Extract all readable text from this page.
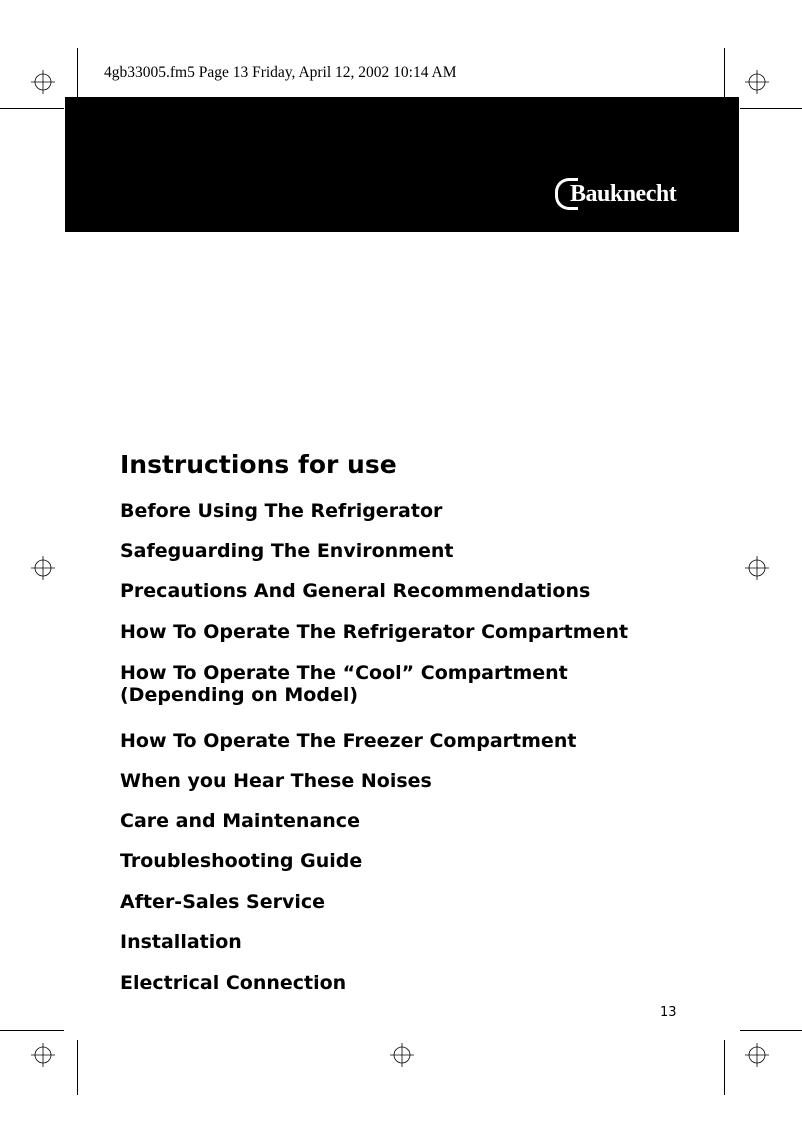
4gb33005.fm5 Page 13 Friday, April 12, 2002 10:14 AM
Bauknecht
Instructions for use
Before Using The Refrigerator
Safeguarding The Environment
Precautions And General Recommendations
How To Operate The Refrigerator Compartment
How To Operate The “Cool” Compartment
(Depending on Model)
How To Operate The Freezer Compartment
When you Hear These Noises
Care and Maintenance
Troubleshooting Guide
After-Sales Service
Installation
Electrical Connection
13
